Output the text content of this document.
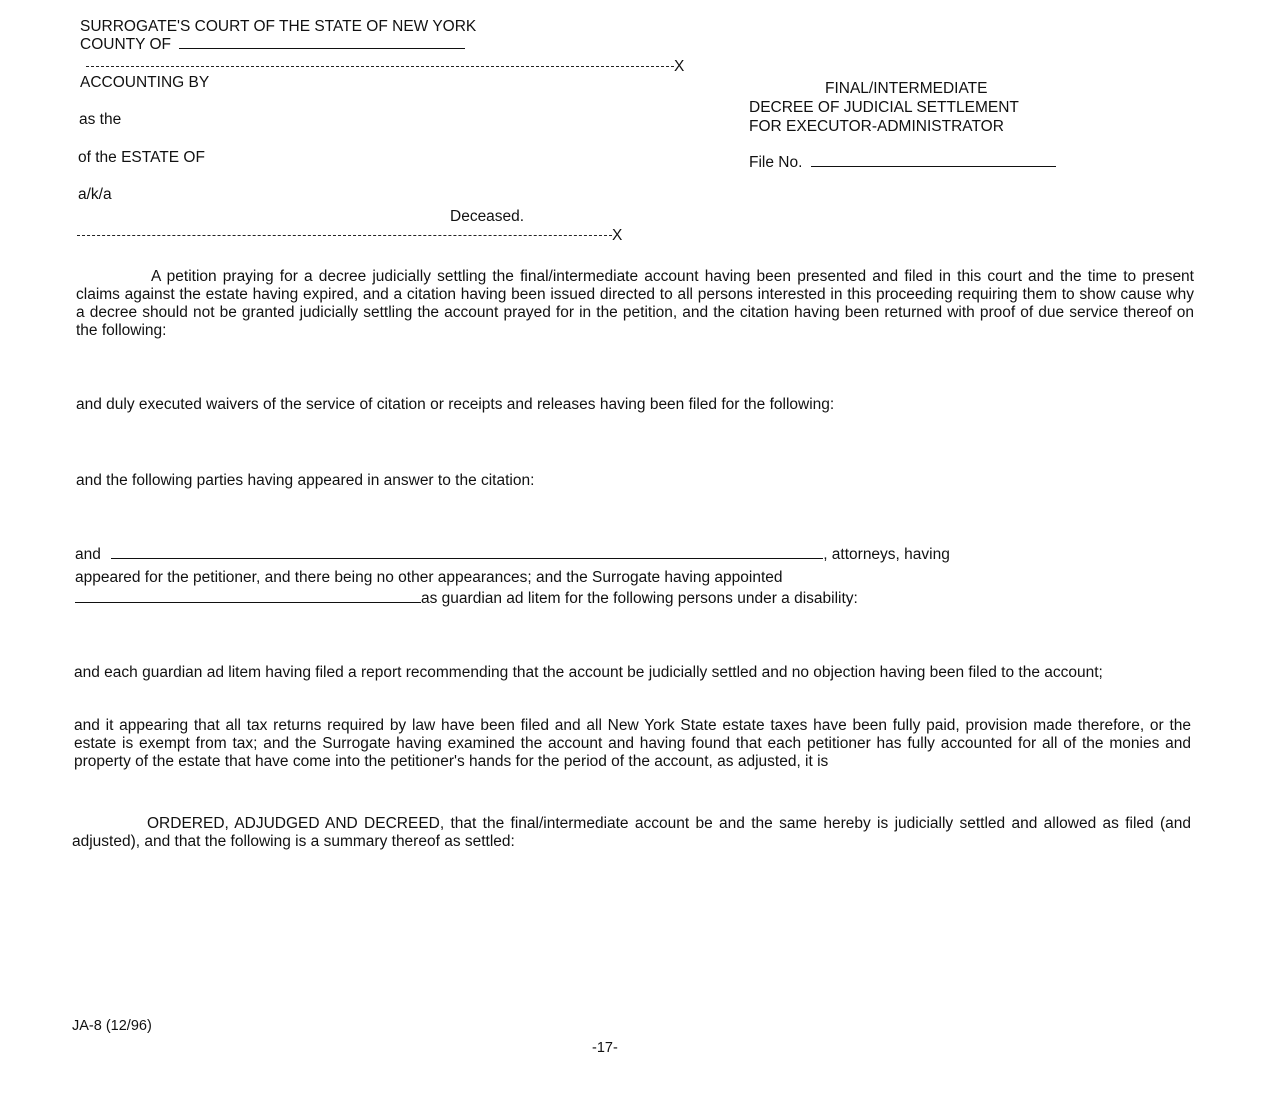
SURROGATE'S COURT OF THE STATE OF NEW YORK
COUNTY OF
X
ACCOUNTING BY
as the
of the ESTATE OF
a/k/a
Deceased.
X
FINAL/INTERMEDIATE
DECREE OF JUDICIAL SETTLEMENT
FOR EXECUTOR-ADMINISTRATOR
File No.
A petition praying for a decree judicially settling the final/intermediate account having been presented and filed in this court and the time to present claims against the estate having expired, and a citation having been issued directed to all persons interested in this proceeding requiring them to show cause why a decree should not be granted judicially settling the account prayed for in the petition, and the citation having been returned with proof of due service thereof on the following:
and duly executed waivers of the service of citation or receipts and releases having been filed for the following:
and the following parties having appeared in answer to the citation:
and	, attorneys, having
appeared for the petitioner, and there being no other appearances; and the Surrogate having appointed
as guardian ad litem for the following persons under a disability:
and each guardian ad litem having filed a report recommending that the account be judicially settled and no objection having been filed to the account;
and it appearing that all tax returns required by law have been filed and all New York State estate taxes have been fully paid, provision made therefore, or the estate is exempt from tax; and the Surrogate having examined the account and having found that each petitioner has fully accounted for all of the monies and property of the estate that have come into the petitioner's hands for the period of the account, as adjusted, it is
ORDERED, ADJUDGED AND DECREED, that the final/intermediate account be and the same hereby is judicially settled and allowed as filed (and adjusted), and that the following is a summary thereof as settled:
JA-8 (12/96)
-17-
